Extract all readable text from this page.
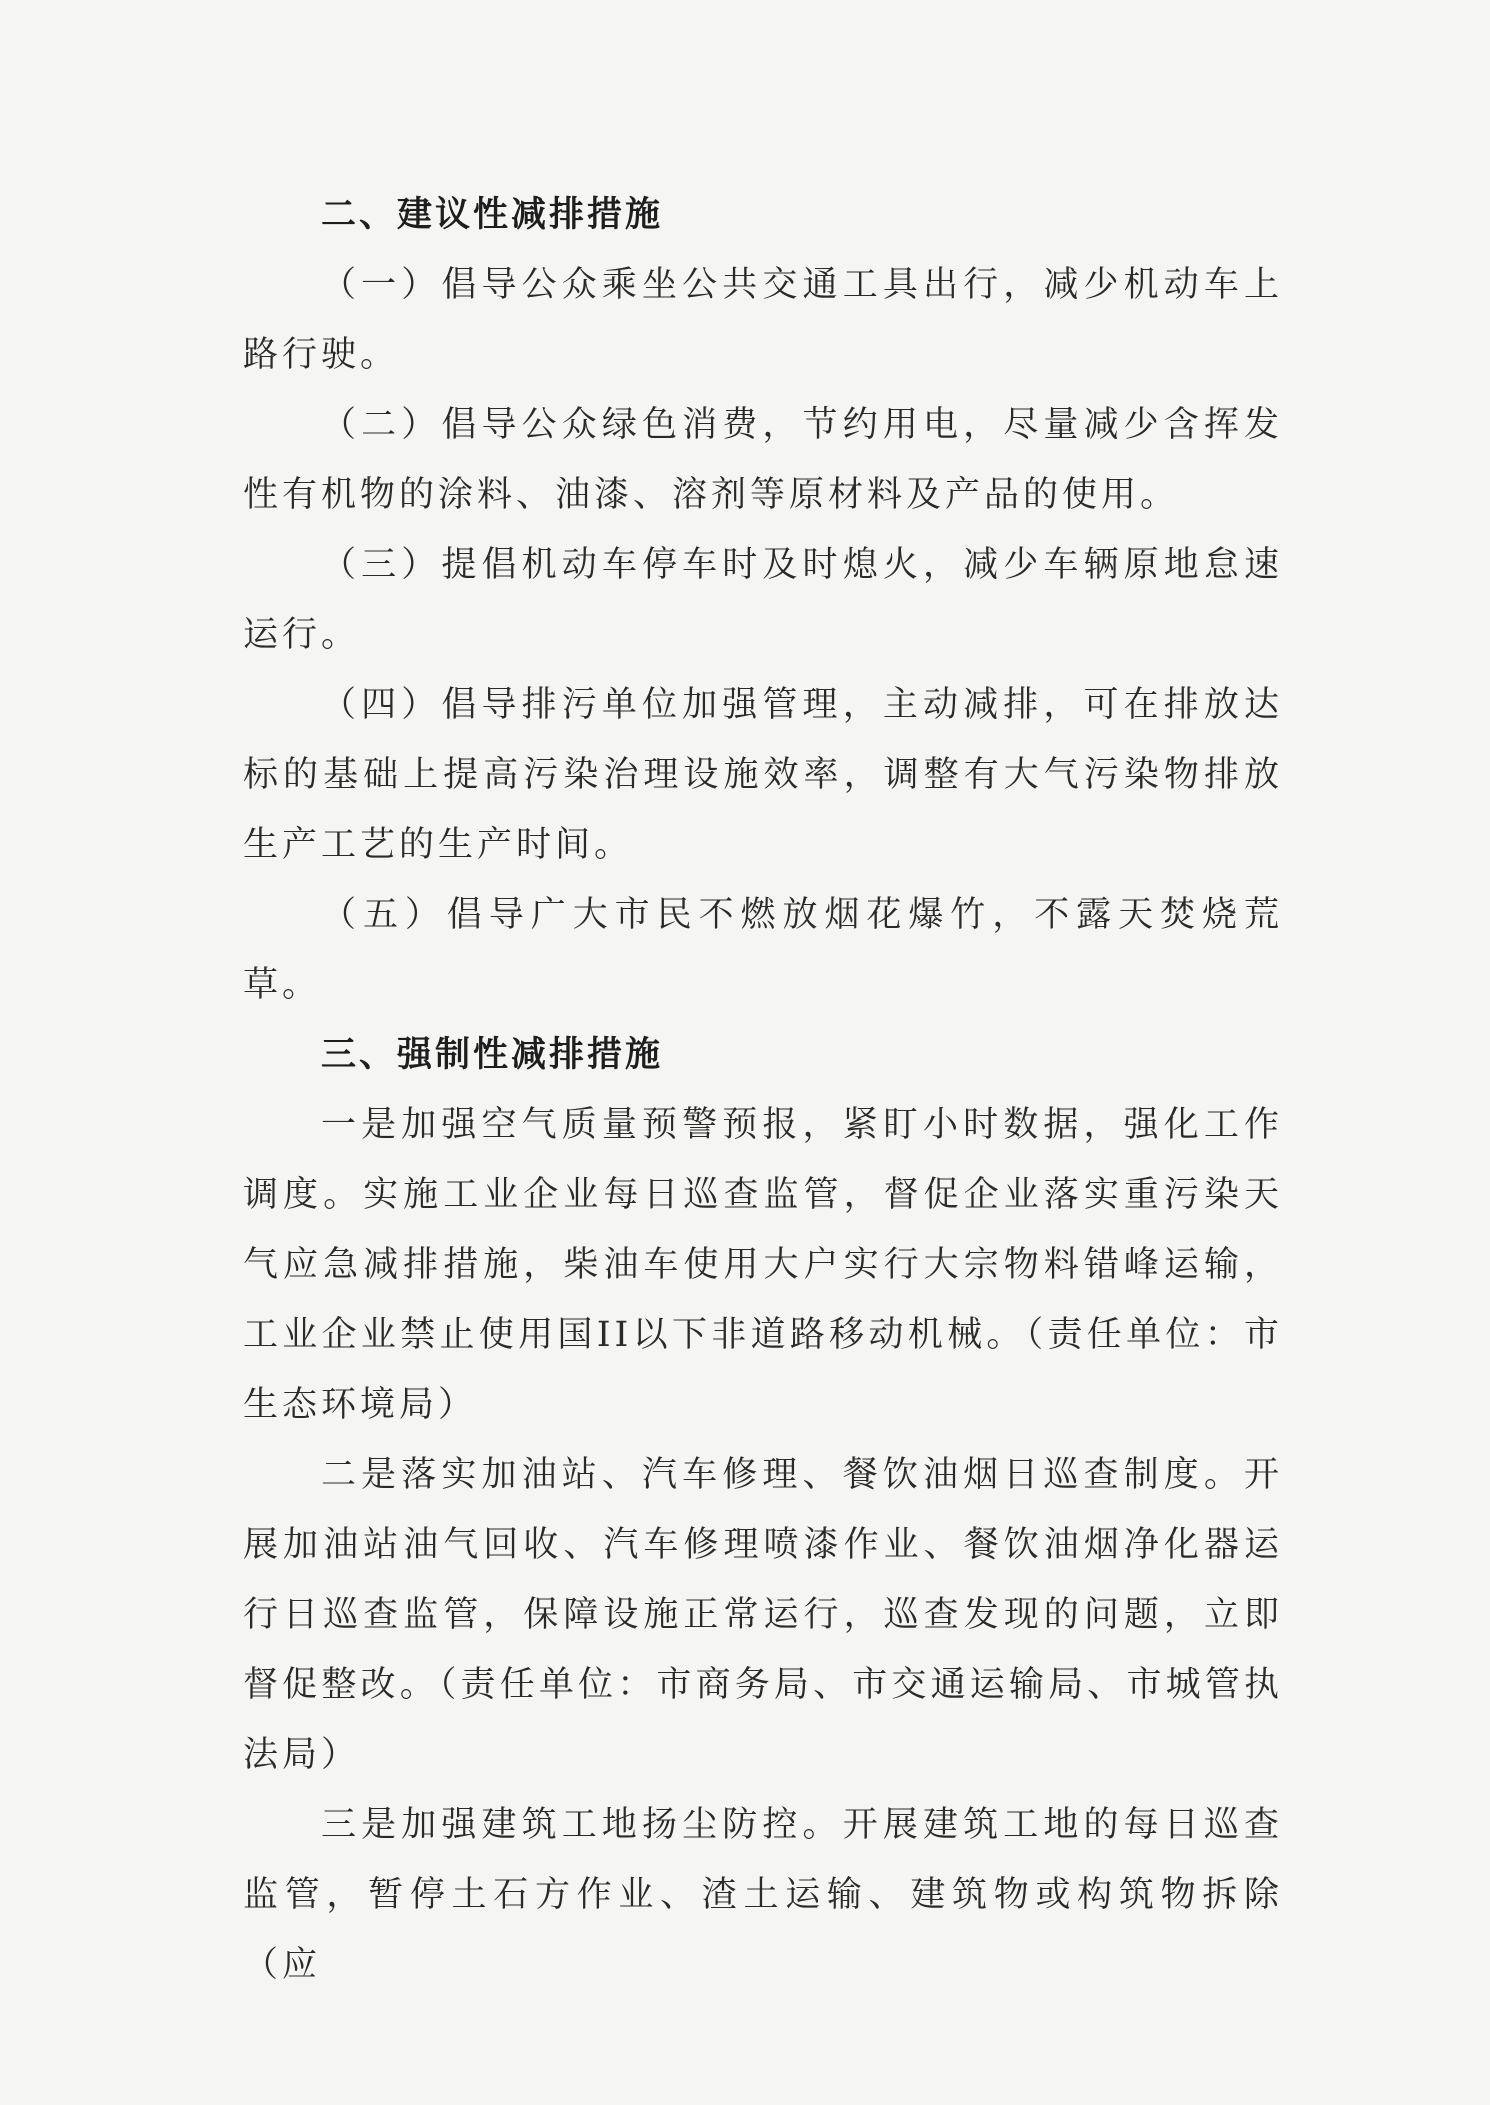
二、建议性减排措施

（一）倡导公众乘坐公共交通工具出行，减少机动车上路行驶。

（二）倡导公众绿色消费，节约用电，尽量减少含挥发性有机物的涂料、油漆、溶剂等原材料及产品的使用。

（三）提倡机动车停车时及时熄火，减少车辆原地怠速运行。

（四）倡导排污单位加强管理，主动减排，可在排放达标的基础上提高污染治理设施效率，调整有大气污染物排放生产工艺的生产时间。

（五）倡导广大市民不燃放烟花爆竹，不露天焚烧荒草。

三、强制性减排措施

一是加强空气质量预警预报，紧盯小时数据，强化工作调度。实施工业企业每日巡查监管，督促企业落实重污染天气应急减排措施，柴油车使用大户实行大宗物料错峰运输，工业企业禁止使用国II以下非道路移动机械。（责任单位：市生态环境局）

二是落实加油站、汽车修理、餐饮油烟日巡查制度。开展加油站油气回收、汽车修理喷漆作业、餐饮油烟净化器运行日巡查监管，保障设施正常运行，巡查发现的问题，立即督促整改。（责任单位：市商务局、市交通运输局、市城管执法局）

三是加强建筑工地扬尘防控。开展建筑工地的每日巡查监管，暂停土石方作业、渣土运输、建筑物或构筑物拆除（应
